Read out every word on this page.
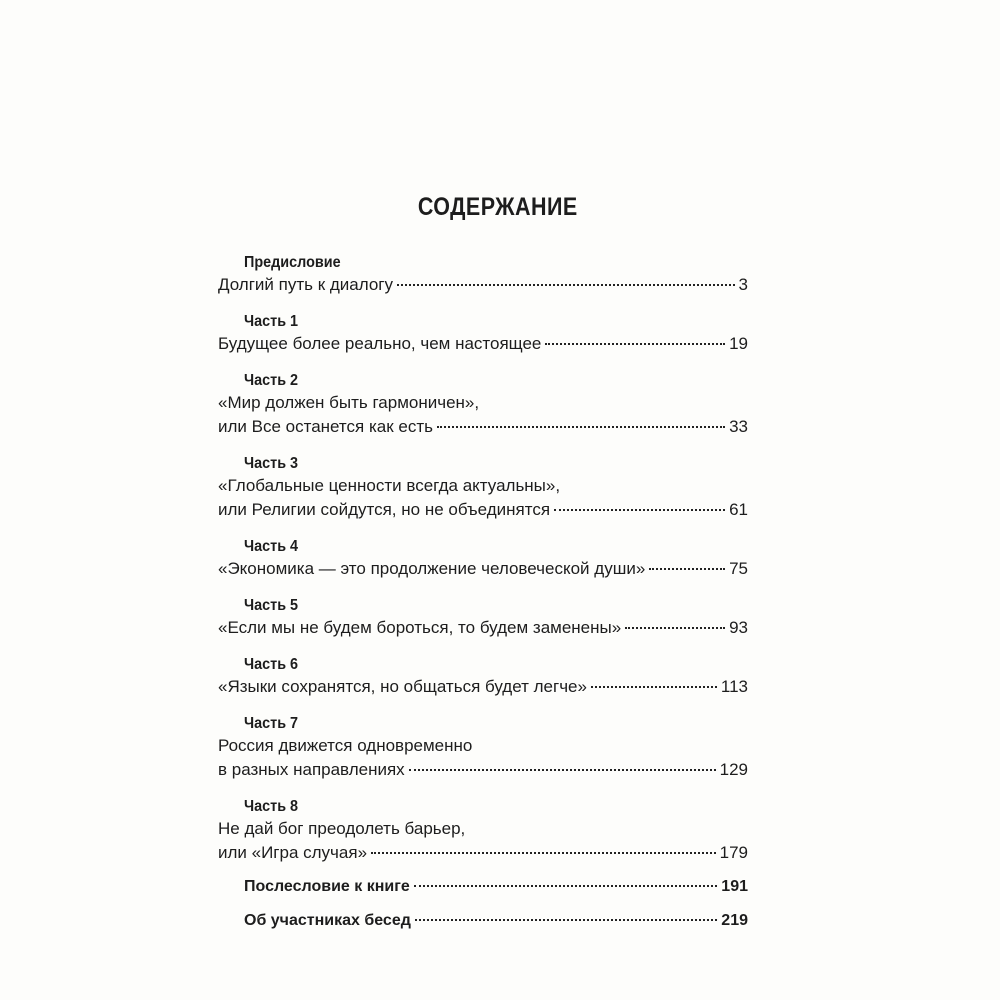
СОДЕРЖАНИЕ
Предисловие
Долгий путь к диалогу	3
Часть 1
Будущее более реально, чем настоящее	19
Часть 2
«Мир должен быть гармоничен»,
или Все останется как есть	33
Часть 3
«Глобальные ценности всегда актуальны»,
или Религии сойдутся, но не объединятся	61
Часть 4
«Экономика — это продолжение человеческой души»	75
Часть 5
«Если мы не будем бороться, то будем заменены»	93
Часть 6
«Языки сохранятся, но общаться будет легче»	113
Часть 7
Россия движется одновременно
в разных направлениях	129
Часть 8
Не дай бог преодолеть барьер,
или «Игра случая»	179
Послесловие к книге	191
Об участниках бесед	219
